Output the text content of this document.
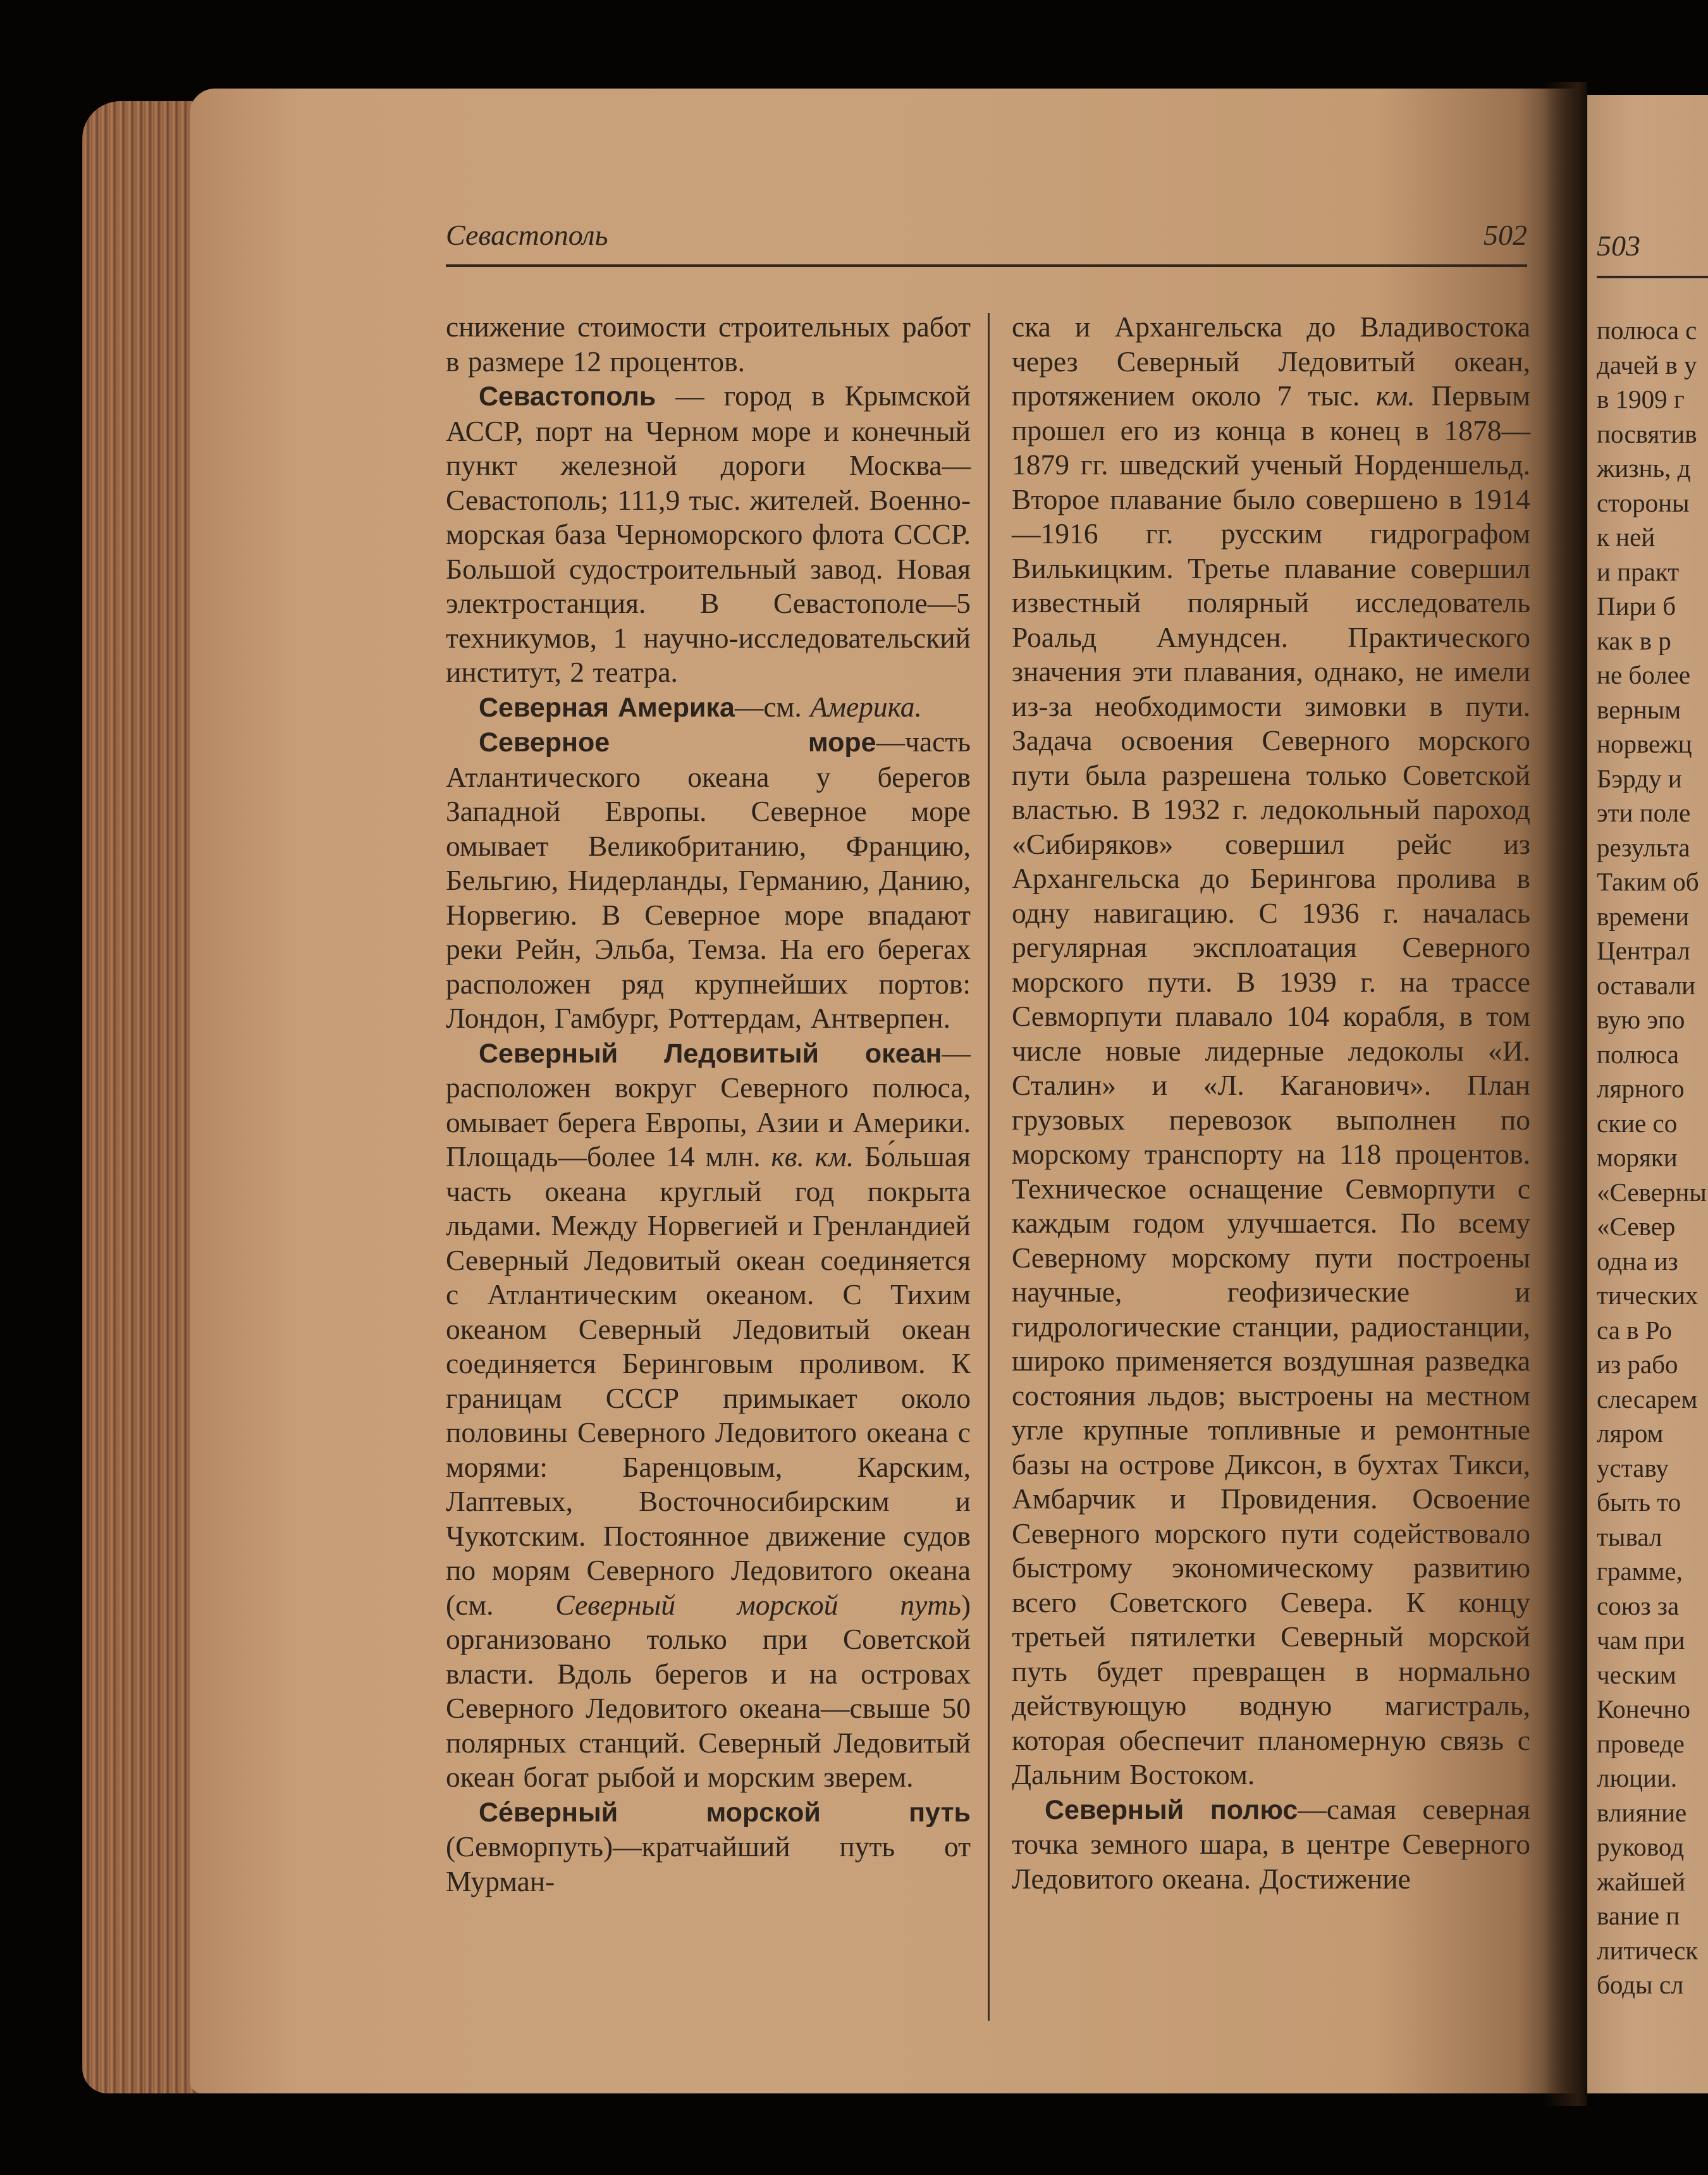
Севастополь	502

снижение стоимости строительных работ в размере 12 процентов.

Севастополь — город в Крымской АССР, порт на Черном море и конечный пункт железной дороги Москва—Севастополь; 111,9 тыс. жителей. Военно-морская база Черноморского флота СССР. Большой судостроительный завод. Новая электростанция. В Севастополе—5 техникумов, 1 научно-исследовательский институт, 2 театра.

Северная Америка—см. Америка.

Северное море—часть Атлантического океана у берегов Западной Европы. Северное море омывает Великобританию, Францию, Бельгию, Нидерланды, Германию, Данию, Норвегию. В Северное море впадают реки Рейн, Эльба, Темза. На его берегах расположен ряд крупнейших портов: Лондон, Гамбург, Роттердам, Антверпен.

Северный Ледовитый океан—расположен вокруг Северного полюса, омывает берега Европы, Азии и Америки. Площадь—более 14 млн. кв. км. Бо́льшая часть океана круглый год покрыта льдами. Между Норвегией и Гренландией Северный Ледовитый океан соединяется с Атлантическим океаном. С Тихим океаном Северный Ледовитый океан соединяется Беринговым проливом. К границам СССР примыкает около половины Северного Ледовитого океана с морями: Баренцовым, Карским, Лаптевых, Восточносибирским и Чукотским. Постоянное движение судов по морям Северного Ледовитого океана (см. Северный морской путь) организовано только при Советской власти. Вдоль берегов и на островах Северного Ледовитого океана—свыше 50 полярных станций. Северный Ледовитый океан богат рыбой и морским зверем.

Се́верный морской путь (Севморпуть)—кратчайший путь от Мурман-

ска и Архангельска до Владивостока через Северный Ледовитый океан, протяжением около 7 тыс. км. Первым прошел его из конца в конец в 1878—1879 гг. шведский ученый Норденшельд. Второе плавание было совершено в 1914—1916 гг. русским гидрографом Вилькицким. Третье плавание совершил известный полярный исследователь Роальд Амундсен. Практического значения эти плавания, однако, не имели из-за необходимости зимовки в пути. Задача освоения Северного морского пути была разрешена только Советской властью. В 1932 г. ледокольный пароход «Сибиряков» совершил рейс из Архангельска до Берингова пролива в одну навигацию. С 1936 г. началась регулярная эксплоатация Северного морского пути. В 1939 г. на трассе Севморпути плавало 104 корабля, в том числе новые лидерные ледоколы «И. Сталин» и «Л. Каганович». План грузовых перевозок выполнен по морскому транспорту на 118 процентов. Техническое оснащение Севморпути с каждым годом улучшается. По всему Северному морскому пути построены научные, геофизические и гидрологические станции, радиостанции, широко применяется воздушная разведка состояния льдов; выстроены на местном угле крупные топливные и ремонтные базы на острове Диксон, в бухтах Тикси, Амбарчик и Провидения. Освоение Северного морского пути содействовало быстрому экономическому развитию всего Советского Севера. К концу третьей пятилетки Северный морской путь будет превращен в нормально действующую водную магистраль, которая обеспечит планомерную связь с Дальним Востоком.

Северный полюс—самая северная точка земного шара, в центре Северного Ледовитого океана. Достижение

503
полюса с
дачей в у
в 1909 г
посвятив
жизнь, д
стороны
к ней
и практ
Пири б
как в р
не более
верным
норвежц
Бэрду и
эти поле
результа
Таким об
времени
Централ
оставали
вую эпо
полюса
лярного
ские со
моряки
«Северны
«Север
одна из
тических
са в Ро
из рабо
слесарем
ляром
уставу
быть то
тывал
грамме,
союз за
чам при
ческим
Конечно
проведе
люции.
влияние
руковод
жайшей
вание п
литическ
боды сл
